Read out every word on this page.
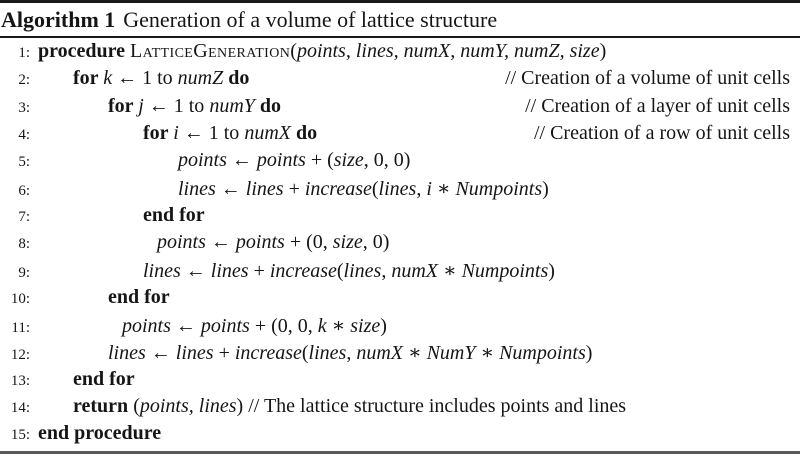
Algorithm 1 Generation of a volume of lattice structure
1: procedure LatticeGeneration(points, lines, numX, numY, numZ, size)
2:	for k ← 1 to numZ do	// Creation of a volume of unit cells
3:	for j ← 1 to numY do	// Creation of a layer of unit cells
4:	for i ← 1 to numX do	// Creation of a row of unit cells
5:	points ← points + (size, 0, 0)
6:	lines ← lines + increase(lines, i ∗ Numpoints)
7:	end for
8:	points ← points + (0, size, 0)
9:	lines ← lines + increase(lines, numX ∗ Numpoints)
10:	end for
11:	points ← points + (0, 0, k ∗ size)
12:	lines ← lines + increase(lines, numX ∗ NumY ∗ Numpoints)
13:	end for
14:	return (points, lines) // The lattice structure includes points and lines
15: end procedure
